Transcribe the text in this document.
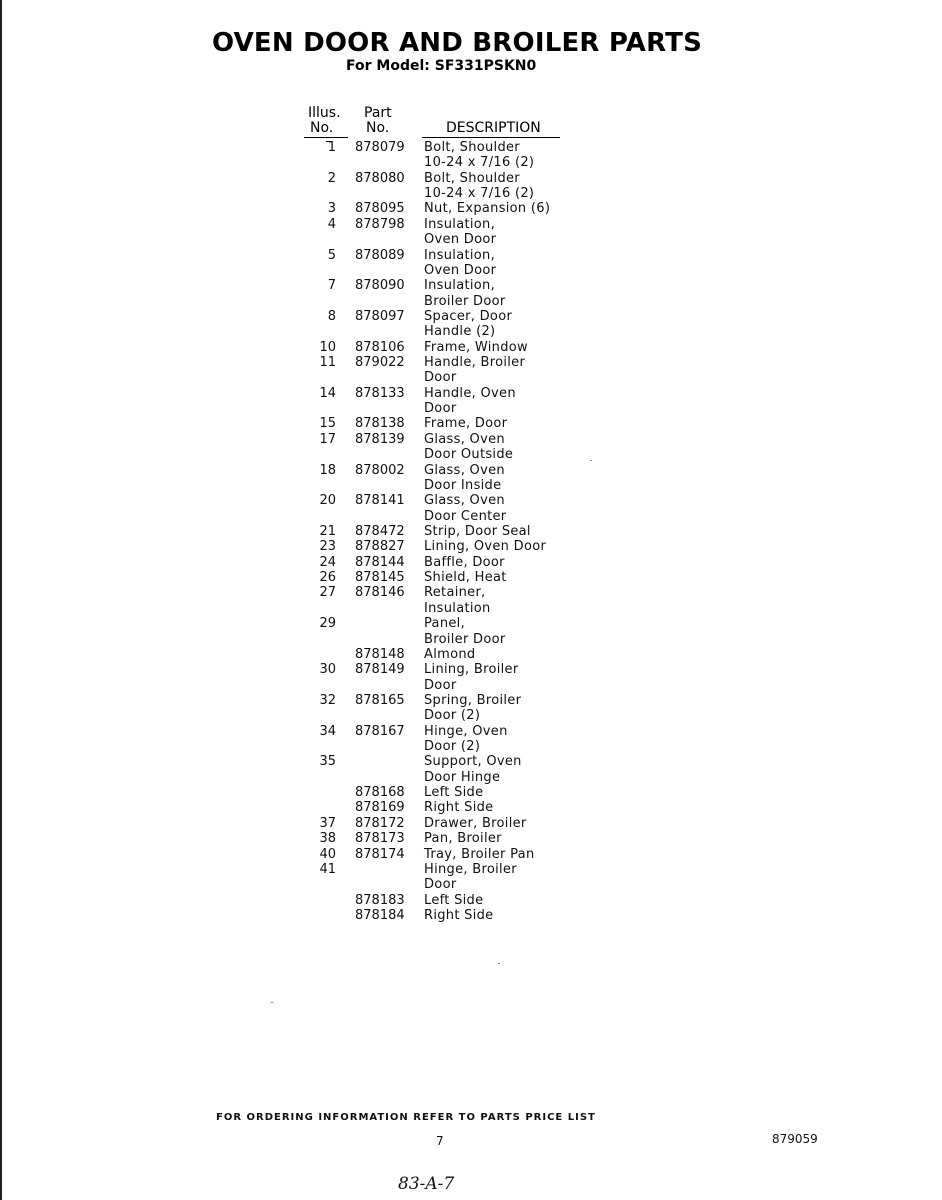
OVEN DOOR AND BROILER PARTS
For Model: SF331PSKN0
Illus.
No.
Part
No.	DESCRIPTION
1 878079 Bolt, Shoulder
10-24 x 7/16 (2)
2 878080 Bolt, Shoulder
10-24 x 7/16 (2)
3 878095 Nut, Expansion (6)
4 878798 Insulation,
Oven Door
5 878089 Insulation,
Oven Door
7 878090 Insulation,
Broiler Door
8 878097 Spacer, Door
Handle (2)
10 878106 Frame, Window
11 879022 Handle, Broiler
Door
14 878133 Handle, Oven
Door
15 878138 Frame, Door
17 878139 Glass, Oven
Door Outside
18 878002 Glass, Oven
Door Inside
20 878141 Glass, Oven
Door Center
21 878472 Strip, Door Seal
23 878827 Lining, Oven Door
24 878144 Baffle, Door
26 878145 Shield, Heat
27 878146 Retainer,
Insulation
29	Panel,
Broiler Door
878148 Almond
30 878149 Lining, Broiler
Door
32 878165 Spring, Broiler
Door (2)
34 878167 Hinge, Oven
Door (2)
35	Support, Oven
Door Hinge
878168 Left Side
878169 Right Side
37 878172 Drawer, Broiler
38 878173 Pan, Broiler
40 878174 Tray, Broiler Pan
41	Hinge, Broiler
Door
878183 Left Side
878184 Right Side
FOR ORDERING INFORMATION REFER TO PARTS PRICE LIST
7	879059
83-A-7
